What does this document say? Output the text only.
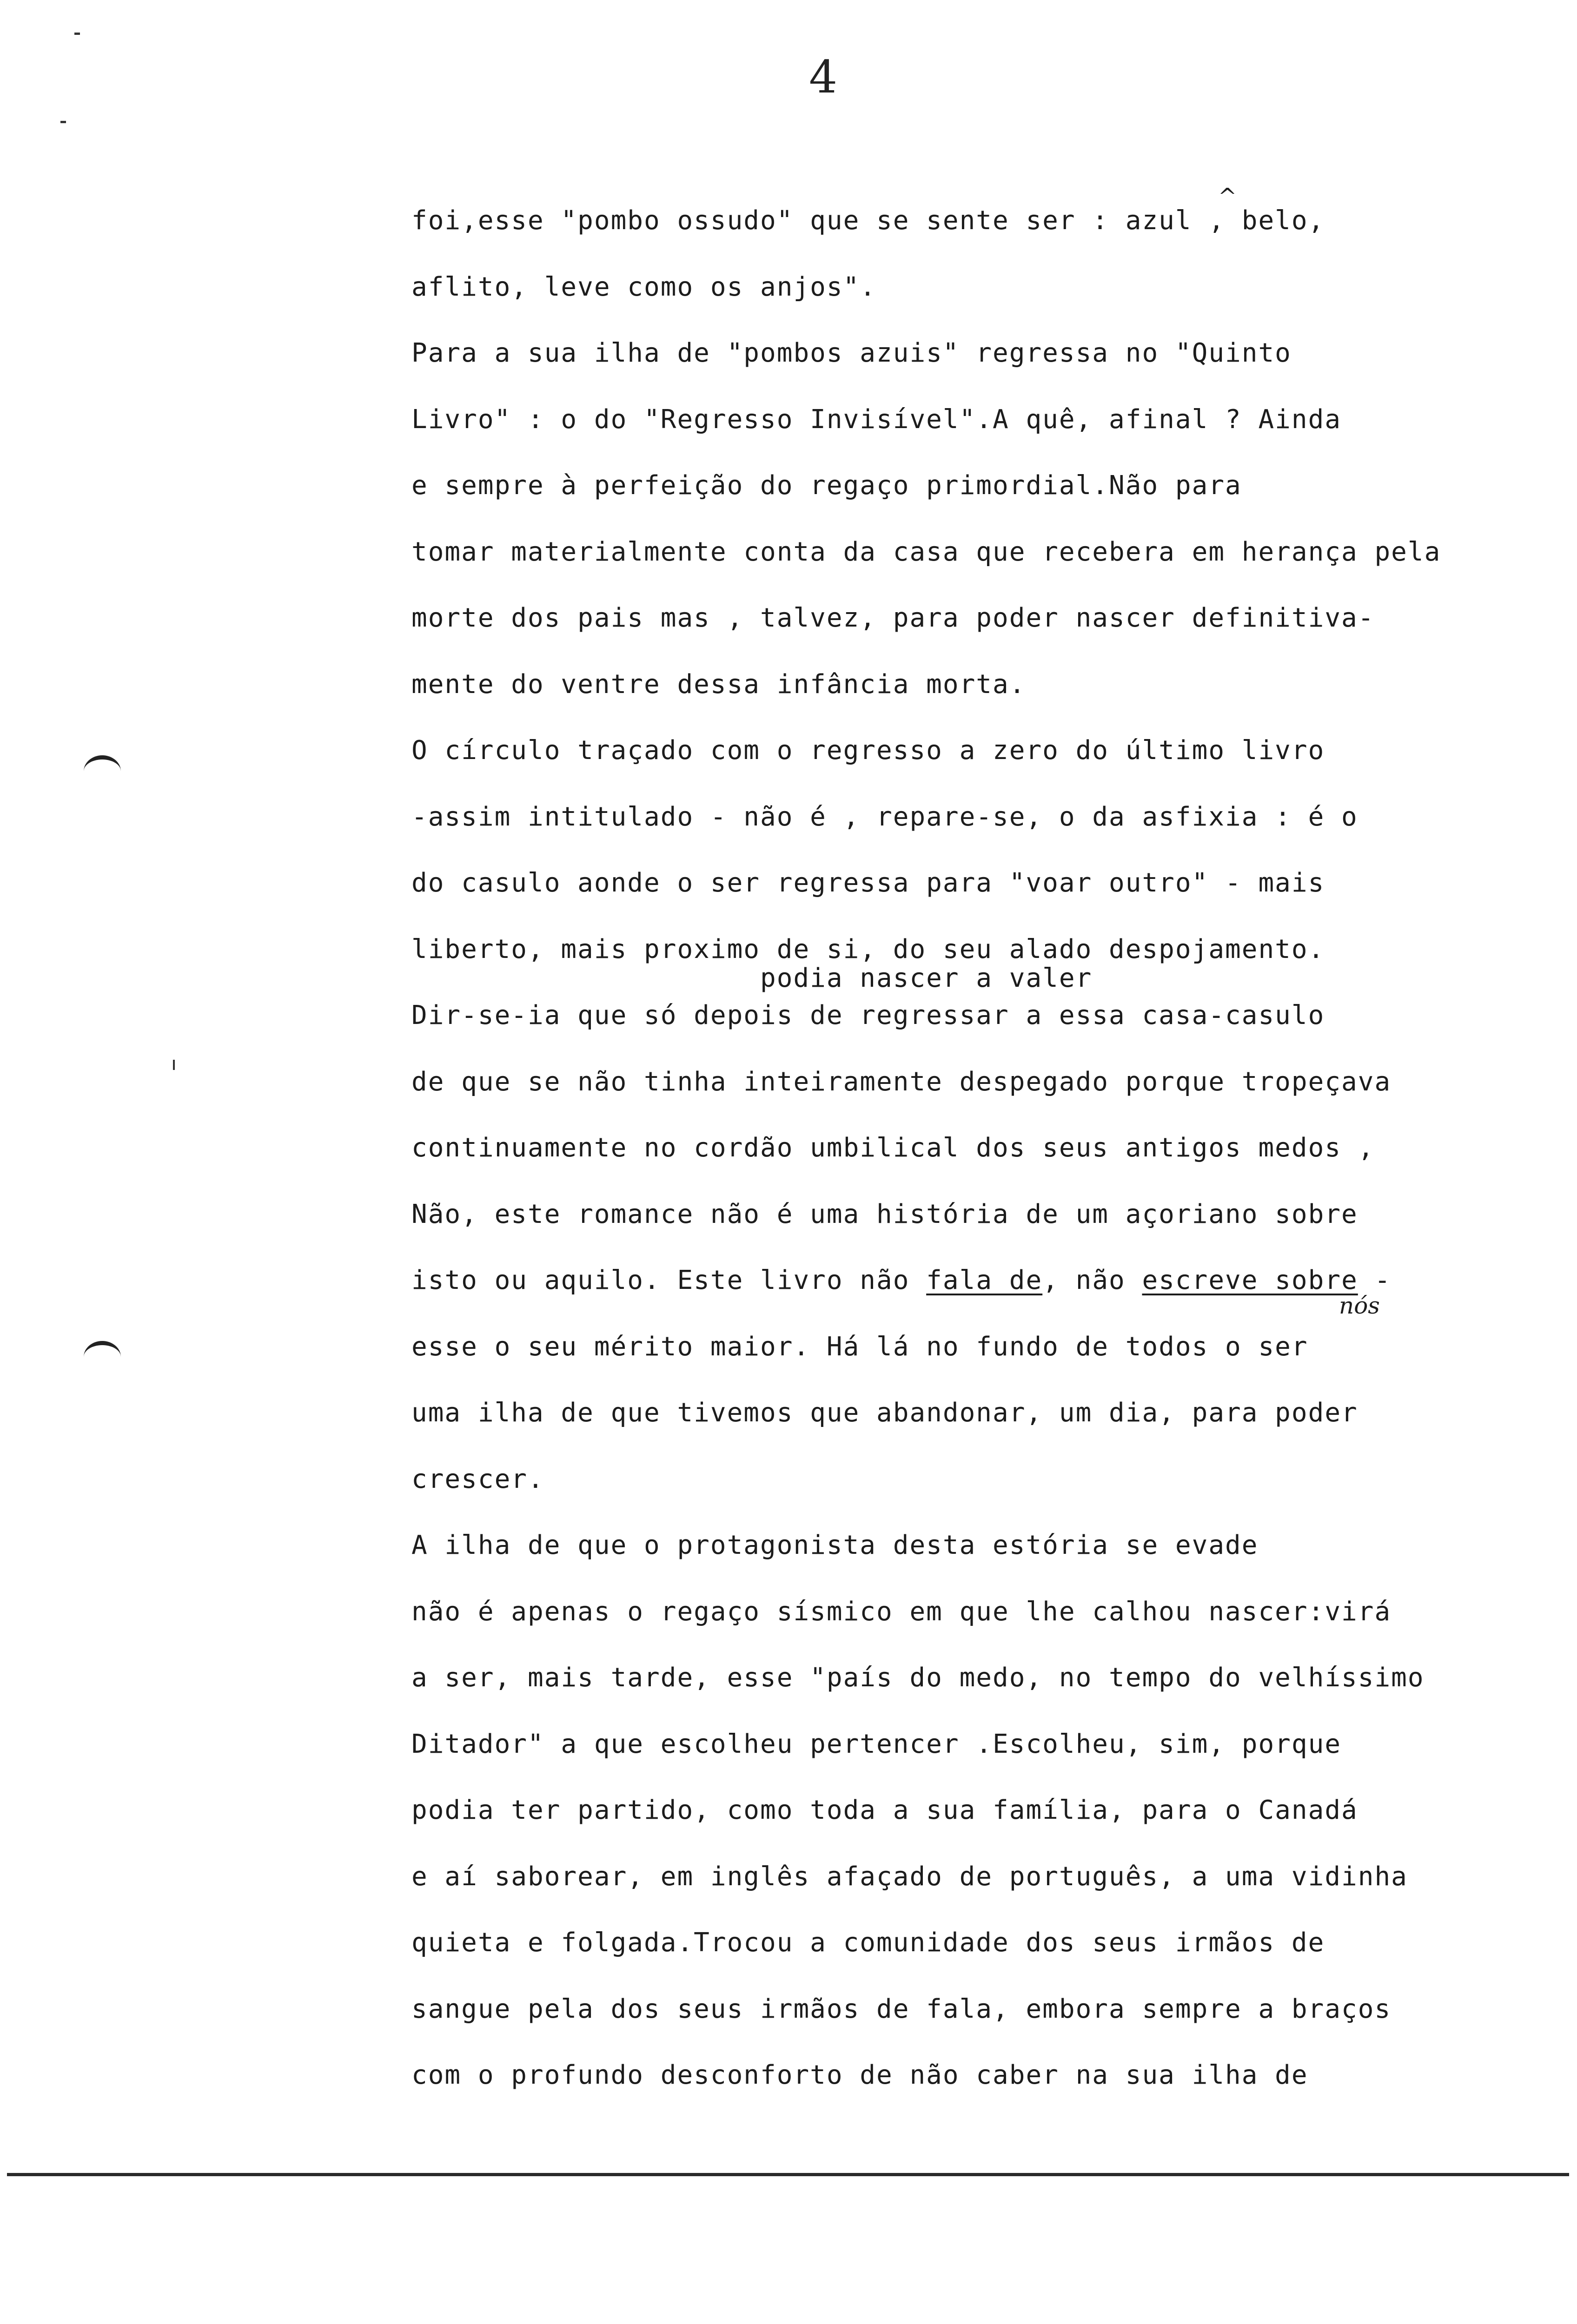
4
^
podia nascer a valer
nós
foi,esse "pombo ossudo" que se sente ser : azul , belo,
aflito, leve como os anjos".
Para a sua ilha de "pombos azuis" regressa no "Quinto
Livro" : o do "Regresso Invisível".A quê, afinal ? Ainda
e sempre à perfeição do regaço primordial.Não para
tomar materialmente conta da casa que recebera em herança pela
morte dos pais mas , talvez, para poder nascer definitiva-
mente do ventre dessa infância morta.
O círculo traçado com o regresso a zero do último livro
-assim intitulado - não é , repare-se, o da asfixia : é o
do casulo aonde o ser regressa para "voar outro" - mais
liberto, mais proximo de si, do seu alado despojamento.
Dir-se-ia que só depois de regressar a essa casa-casulo
de que se não tinha inteiramente despegado porque tropeçava
continuamente no cordão umbilical dos seus antigos medos ,
Não, este romance não é uma história de um açoriano sobre
isto ou aquilo. Este livro não fala de, não escreve sobre -
esse o seu mérito maior. Há lá no fundo de todos o ser
uma ilha de que tivemos que abandonar, um dia, para poder
crescer.
A ilha de que o protagonista desta estória se evade
não é apenas o regaço sísmico em que lhe calhou nascer:virá
a ser, mais tarde, esse "país do medo, no tempo do velhíssimo
Ditador" a que escolheu pertencer .Escolheu, sim, porque
podia ter partido, como toda a sua família, para o Canadá
e aí saborear, em inglês afaçado de português, a uma vidinha
quieta e folgada.Trocou a comunidade dos seus irmãos de
sangue pela dos seus irmãos de fala, embora sempre a braços
com o profundo desconforto de não caber na sua ilha de
